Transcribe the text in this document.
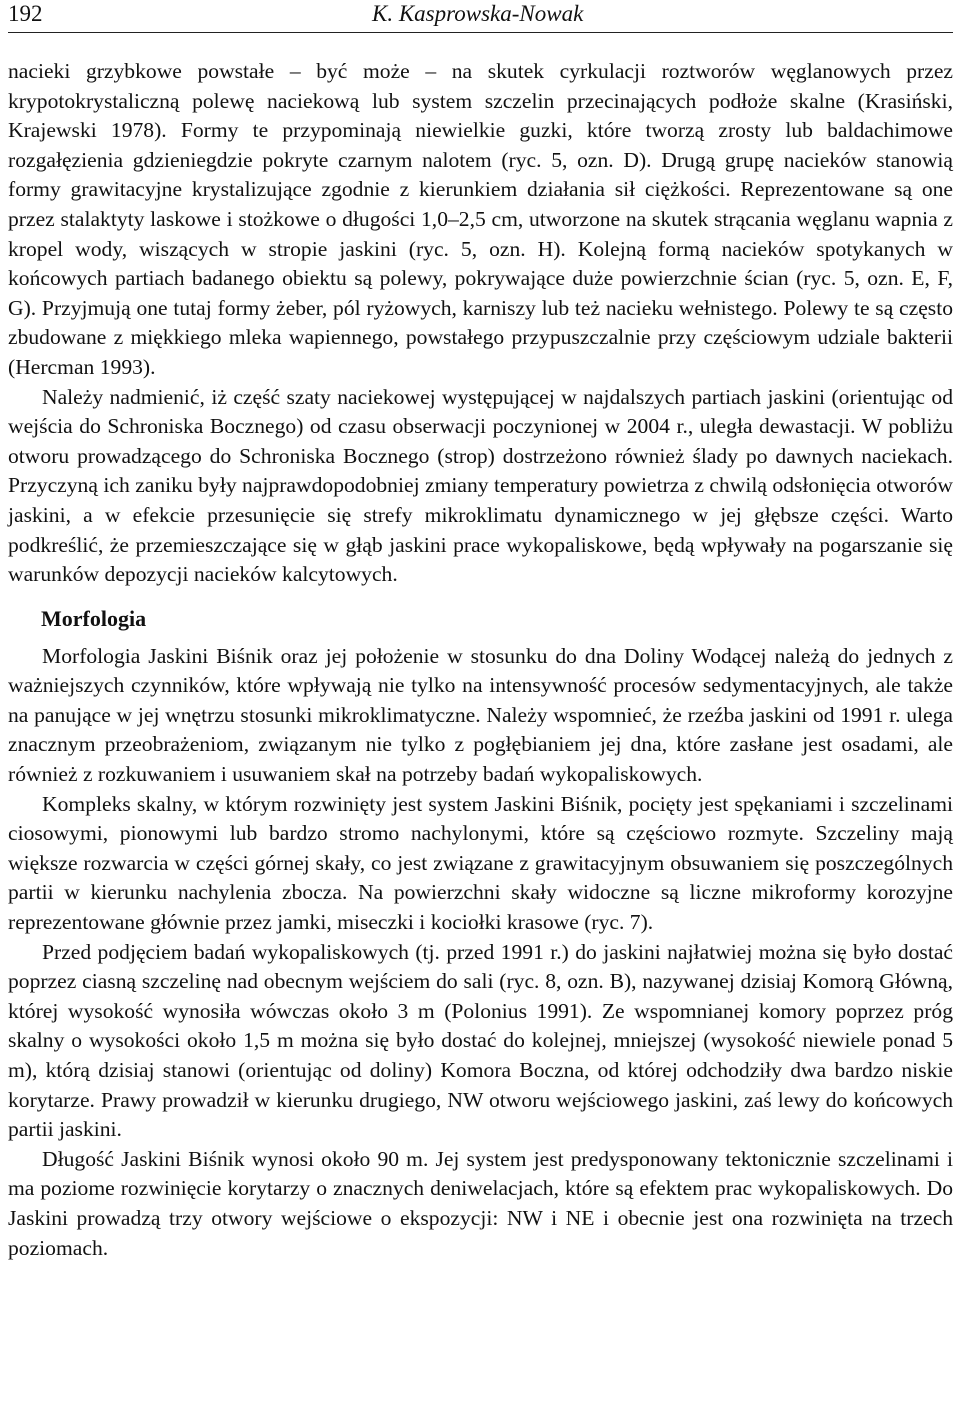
192	K. Kasprowska-Nowak

nacieki grzybkowe powstałe – być może – na skutek cyrkulacji roztworów węglanowych przez krypotokrystaliczną polewę naciekową lub system szczelin przecinających podłoże skalne (Krasiński, Krajewski 1978). Formy te przypominają niewielkie guzki, które tworzą zrosty lub baldachimowe rozgałęzienia gdzieniegdzie pokryte czarnym nalotem (ryc. 5, ozn. D). Drugą grupę nacieków stanowią formy grawitacyjne krystalizujące zgodnie z kierunkiem działania sił ciężkości. Reprezentowane są one przez stalaktyty laskowe i stożkowe o długości 1,0–2,5 cm, utworzone na skutek strącania węglanu wapnia z kropel wody, wiszących w stropie jaskini (ryc. 5, ozn. H). Kolejną formą nacieków spotykanych w końcowych partiach badanego obiektu są polewy, pokrywające duże powierzchnie ścian (ryc. 5, ozn. E, F, G). Przyjmują one tutaj formy żeber, pól ryżowych, karniszy lub też nacieku wełnistego. Polewy te są często zbudowane z miękkiego mleka wapiennego, powstałego przypuszczalnie przy częściowym udziale bakterii (Hercman 1993).

Należy nadmienić, iż część szaty naciekowej występującej w najdalszych partiach jaskini (orientując od wejścia do Schroniska Bocznego) od czasu obserwacji poczynionej w 2004 r., uległa dewastacji. W pobliżu otworu prowadzącego do Schroniska Bocznego (strop) dostrzeżono również ślady po dawnych naciekach. Przyczyną ich zaniku były najprawdopodobniej zmiany temperatury powietrza z chwilą odsłonięcia otworów jaskini, a w efekcie przesunięcie się strefy mikroklimatu dynamicznego w jej głębsze części. Warto podkreślić, że przemieszczające się w głąb jaskini prace wykopaliskowe, będą wpływały na pogarszanie się warunków depozycji nacieków kalcytowych.

Morfologia

Morfologia Jaskini Biśnik oraz jej położenie w stosunku do dna Doliny Wodącej należą do jednych z ważniejszych czynników, które wpływają nie tylko na intensywność procesów sedymentacyjnych, ale także na panujące w jej wnętrzu stosunki mikroklimatyczne. Należy wspomnieć, że rzeźba jaskini od 1991 r. ulega znacznym przeobrażeniom, związanym nie tylko z pogłębianiem jej dna, które zasłane jest osadami, ale również z rozkuwaniem i usuwaniem skał na potrzeby badań wykopaliskowych.

Kompleks skalny, w którym rozwinięty jest system Jaskini Biśnik, pocięty jest spękaniami i szczelinami ciosowymi, pionowymi lub bardzo stromo nachylonymi, które są częściowo rozmyte. Szczeliny mają większe rozwarcia w części górnej skały, co jest związane z grawitacyjnym obsuwaniem się poszczególnych partii w kierunku nachylenia zbocza. Na powierzchni skały widoczne są liczne mikroformy korozyjne reprezentowane głównie przez jamki, miseczki i kociołki krasowe (ryc. 7).

Przed podjęciem badań wykopaliskowych (tj. przed 1991 r.) do jaskini najłatwiej można się było dostać poprzez ciasną szczelinę nad obecnym wejściem do sali (ryc. 8, ozn. B), nazywanej dzisiaj Komorą Główną, której wysokość wynosiła wówczas około 3 m (Polonius 1991). Ze wspomnianej komory poprzez próg skalny o wysokości około 1,5 m można się było dostać do kolejnej, mniejszej (wysokość niewiele ponad 5 m), którą dzisiaj stanowi (orientując od doliny) Komora Boczna, od której odchodziły dwa bardzo niskie korytarze. Prawy prowadził w kierunku drugiego, NW otworu wejściowego jaskini, zaś lewy do końcowych partii jaskini.

Długość Jaskini Biśnik wynosi około 90 m. Jej system jest predysponowany tektonicznie szczelinami i ma poziome rozwinięcie korytarzy o znacznych deniwelacjach, które są efektem prac wykopaliskowych. Do Jaskini prowadzą trzy otwory wejściowe o ekspozycji: NW i NE i obecnie jest ona rozwinięta na trzech poziomach.
